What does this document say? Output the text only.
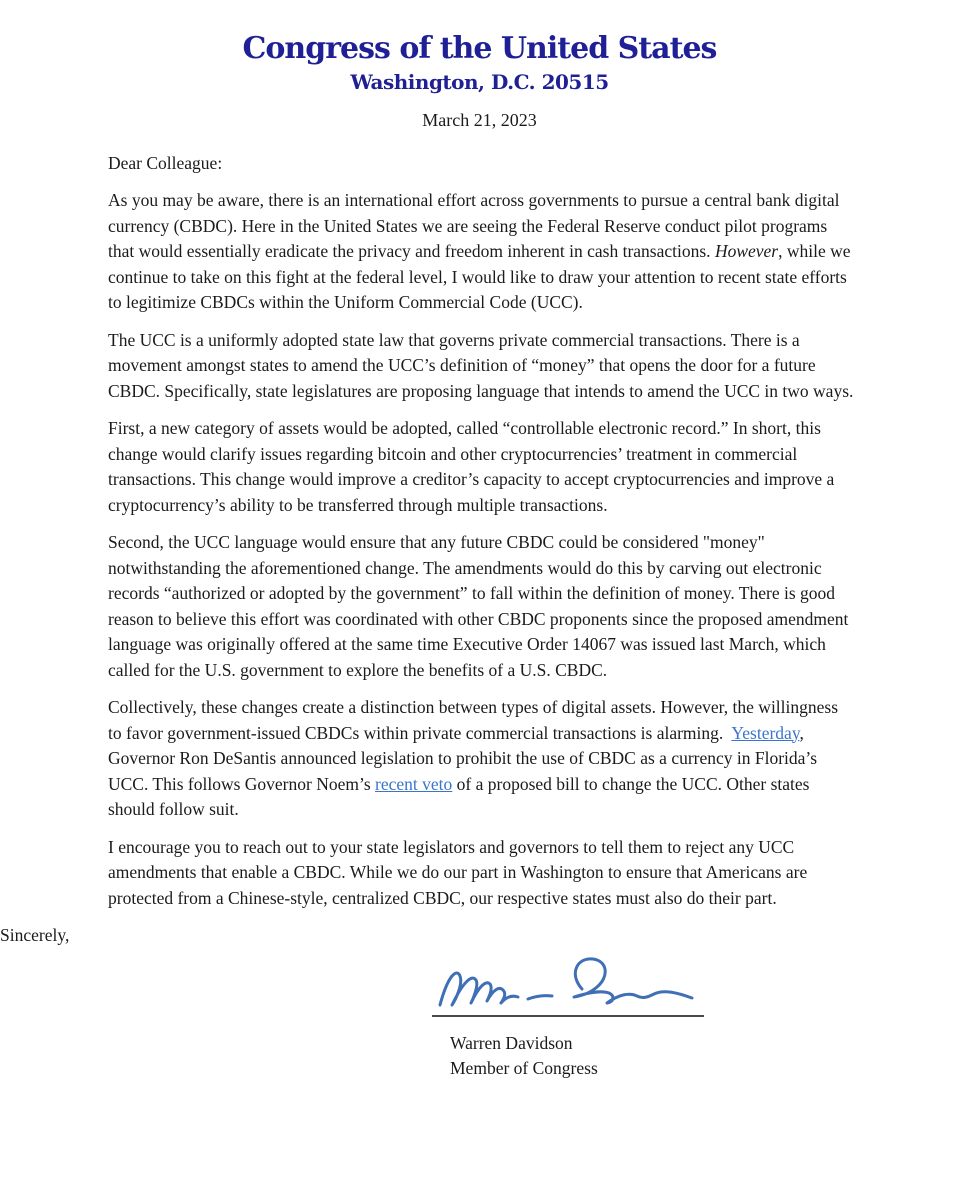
Congress of the United States
Washington, D.C. 20515
March 21, 2023

Dear Colleague:

As you may be aware, there is an international effort across governments to pursue a central bank digital currency (CBDC). Here in the United States we are seeing the Federal Reserve conduct pilot programs that would essentially eradicate the privacy and freedom inherent in cash transactions. However, while we continue to take on this fight at the federal level, I would like to draw your attention to recent state efforts to legitimize CBDCs within the Uniform Commercial Code (UCC).

The UCC is a uniformly adopted state law that governs private commercial transactions. There is a movement amongst states to amend the UCC’s definition of “money” that opens the door for a future CBDC. Specifically, state legislatures are proposing language that intends to amend the UCC in two ways.

First, a new category of assets would be adopted, called “controllable electronic record.” In short, this change would clarify issues regarding bitcoin and other cryptocurrencies’ treatment in commercial transactions. This change would improve a creditor’s capacity to accept cryptocurrencies and improve a cryptocurrency’s ability to be transferred through multiple transactions.

Second, the UCC language would ensure that any future CBDC could be considered "money" notwithstanding the aforementioned change. The amendments would do this by carving out electronic records “authorized or adopted by the government” to fall within the definition of money. There is good reason to believe this effort was coordinated with other CBDC proponents since the proposed amendment language was originally offered at the same time Executive Order 14067 was issued last March, which called for the U.S. government to explore the benefits of a U.S. CBDC.

Collectively, these changes create a distinction between types of digital assets. However, the willingness to favor government-issued CBDCs within private commercial transactions is alarming.  Yesterday, Governor Ron DeSantis announced legislation to prohibit the use of CBDC as a currency in Florida’s UCC. This follows Governor Noem’s recent veto of a proposed bill to change the UCC. Other states should follow suit.

I encourage you to reach out to your state legislators and governors to tell them to reject any UCC amendments that enable a CBDC. While we do our part in Washington to ensure that Americans are protected from a Chinese-style, centralized CBDC, our respective states must also do their part.

Sincerely,

Warren Davidson

Member of Congress
